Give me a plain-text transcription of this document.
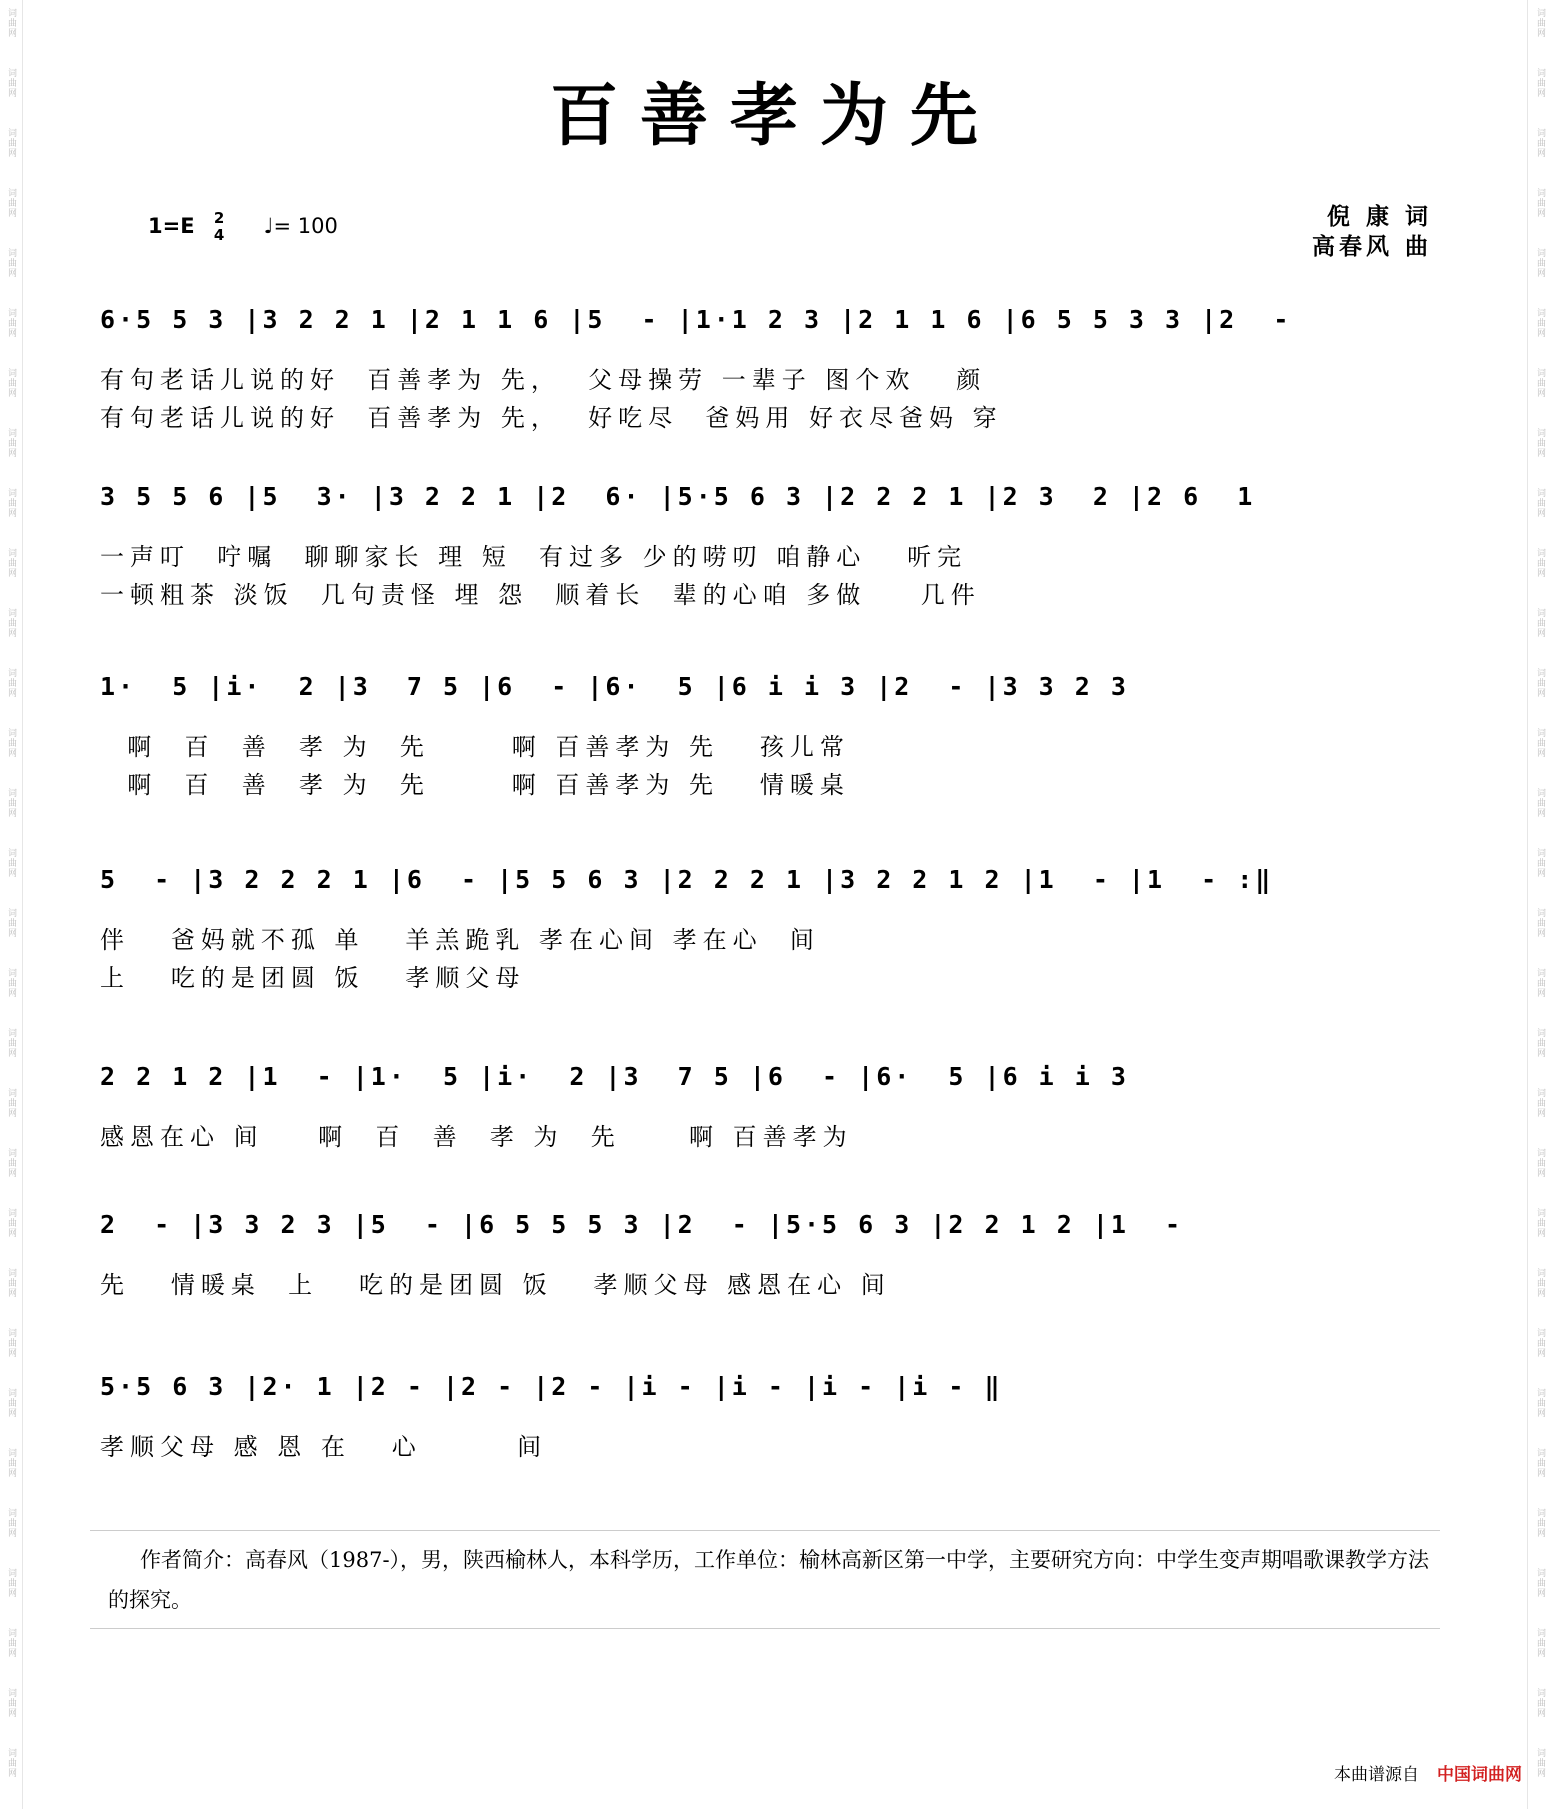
词曲网	词曲网
词曲网	词曲网
词曲网	词曲网
词曲网	词曲网
词曲网	词曲网
词曲网	词曲网
词曲网	词曲网
词曲网	词曲网
词曲网	词曲网
词曲网	词曲网
词曲网	词曲网
词曲网	词曲网
词曲网	词曲网
词曲网	词曲网
词曲网	词曲网
词曲网	词曲网
词曲网	词曲网
词曲网	词曲网
词曲网	词曲网
词曲网	词曲网
词曲网	词曲网
词曲网	词曲网
词曲网	词曲网
词曲网	词曲网
词曲网	词曲网
词曲网	词曲网
词曲网	词曲网
词曲网	词曲网
词曲网	词曲网
词曲网	词曲网
百善孝为先
1=E 2
4 ♩= 100	倪 康 词
高春风 曲
6·5 5 3 |3 2 2 1 |2 1 1 6 |5  - |1·1 2 3 |2 1 1 6 |6 5 5 3 3 |2  -
有句老话儿说的好  百善孝为 先，  父母操劳 一辈子 图个欢   颜
有句老话儿说的好  百善孝为 先，  好吃尽  爸妈用 好衣尽爸妈 穿
3 5 5 6 |5  3· |3 2 2 1 |2  6· |5·5 6 3 |2 2 2 1 |2 3  2 |2 6  1
一声叮  咛嘱  聊聊家长 理 短  有过多 少的唠叨 咱静心   听完
一顿粗茶 淡饭  几句责怪 埋 怨  顺着长  辈的心咱 多做    几件
1·  5 |i·  2 |3  7 5 |6  - |6·  5 |6 i i 3 |2  - |3 3 2 3
啊  百  善  孝 为  先      啊 百善孝为 先   孩儿常
啊  百  善  孝 为  先      啊 百善孝为 先   情暖桌
5  - |3 2 2 2 1 |6  - |5 5 6 3 |2 2 2 1 |3 2 2 1 2 |1  - |1  - :‖
伴   爸妈就不孤 单   羊羔跪乳 孝在心间 孝在心  间
上   吃的是团圆 饭   孝顺父母
2 2 1 2 |1  - |1·  5 |i·  2 |3  7 5 |6  - |6·  5 |6 i i 3
感恩在心 间    啊  百  善  孝 为  先     啊 百善孝为
2  - |3 3 2 3 |5  - |6 5 5 5 3 |2  - |5·5 6 3 |2 2 1 2 |1  -
先   情暖桌  上   吃的是团圆 饭   孝顺父母 感恩在心 间
5·5 6 3 |2· 1 |2 - |2 - |2 - |i - |i - |i - |i - ‖
孝顺父母 感 恩 在   心       间
作者简介：高春风（1987-），男，陕西榆林人，本科学历，工作单位：榆林高新区第一中学，主要研究方向：中学生变声期唱歌课教学方法的探究。
本曲谱源自 中国词曲网
